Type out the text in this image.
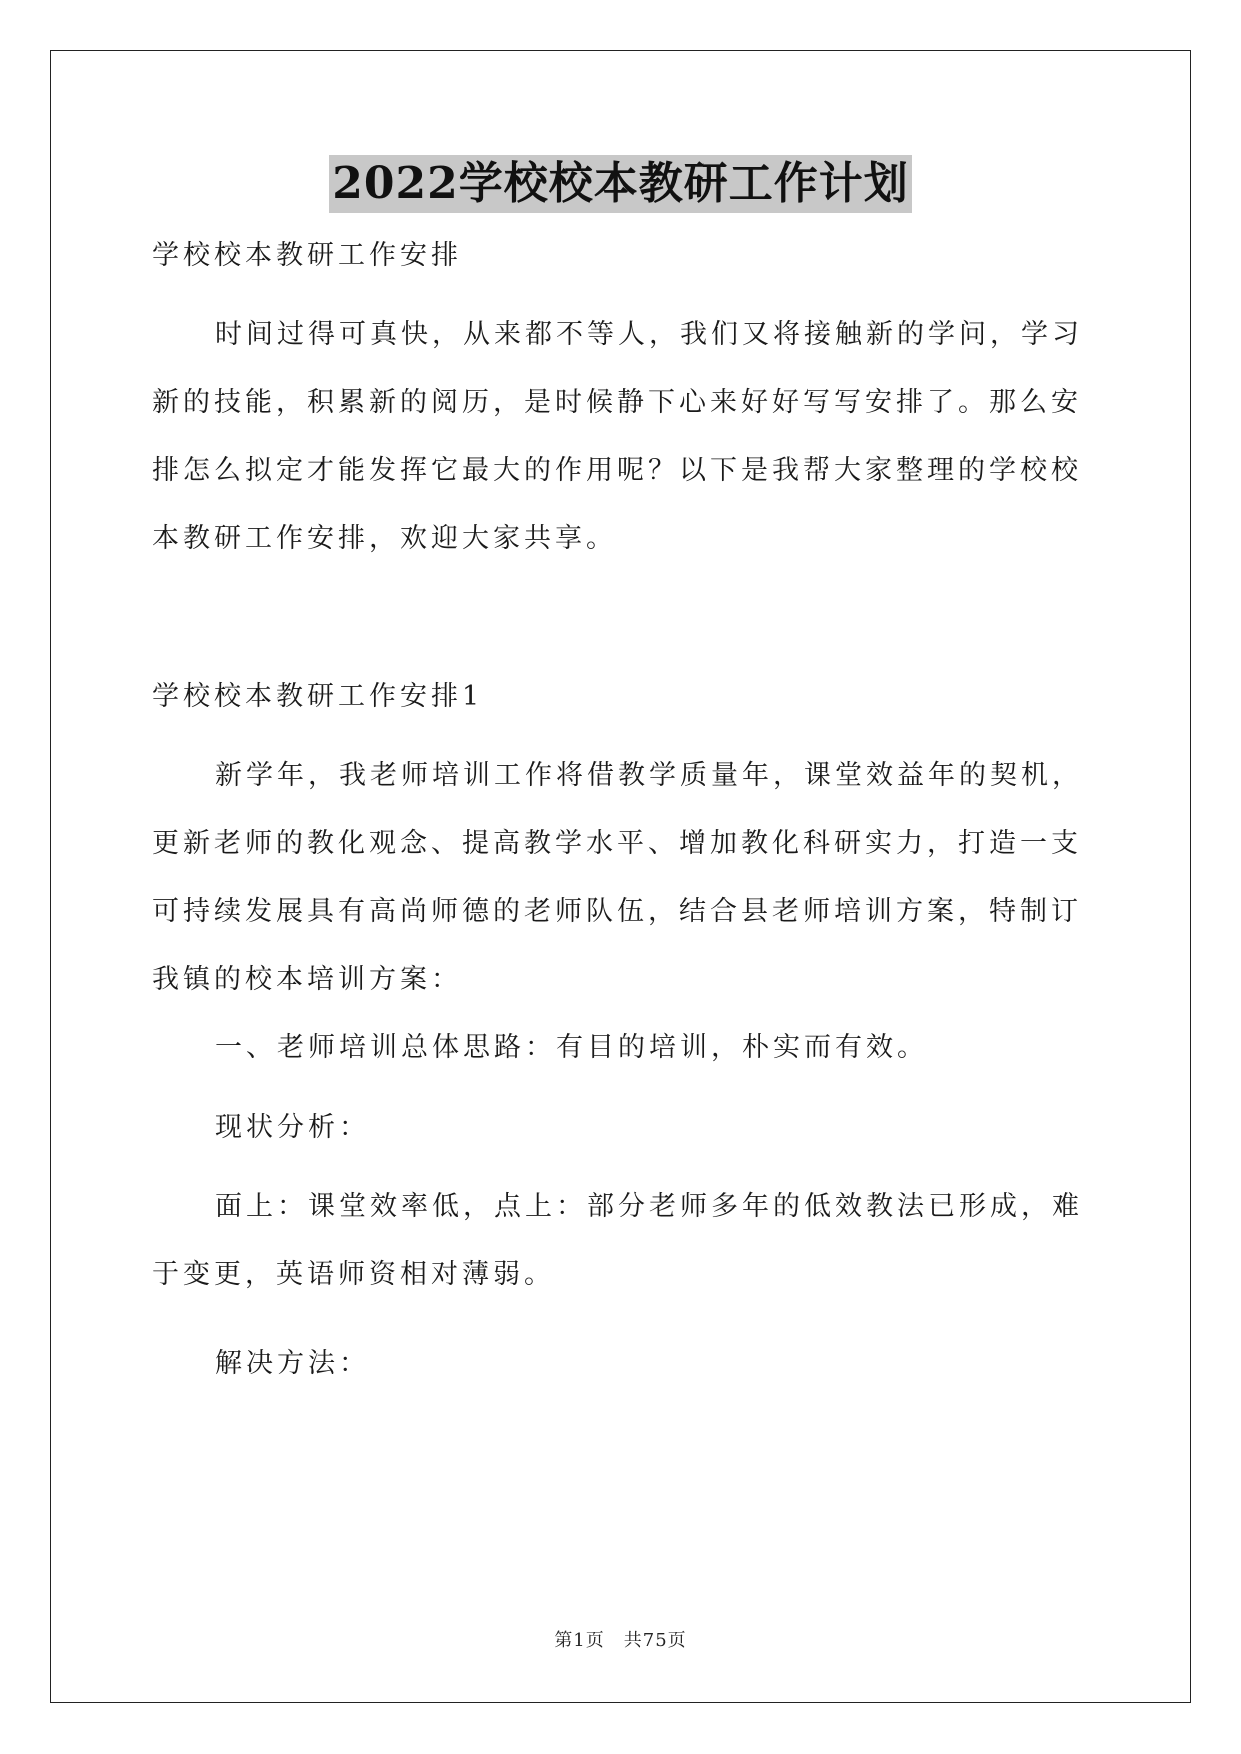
2022学校校本教研工作计划
学校校本教研工作安排
时间过得可真快，从来都不等人，我们又将接触新的学问，学习
新的技能，积累新的阅历，是时候静下心来好好写写安排了。那么安
排怎么拟定才能发挥它最大的作用呢？以下是我帮大家整理的学校校
本教研工作安排，欢迎大家共享。
学校校本教研工作安排1
新学年，我老师培训工作将借教学质量年，课堂效益年的契机，
更新老师的教化观念、提高教学水平、增加教化科研实力，打造一支
可持续发展具有高尚师德的老师队伍，结合县老师培训方案，特制订
我镇的校本培训方案：
一、老师培训总体思路：有目的培训，朴实而有效。
现状分析：
面上：课堂效率低，点上：部分老师多年的低效教法已形成，难
于变更，英语师资相对薄弱。
解决方法：
第1页　共75页
